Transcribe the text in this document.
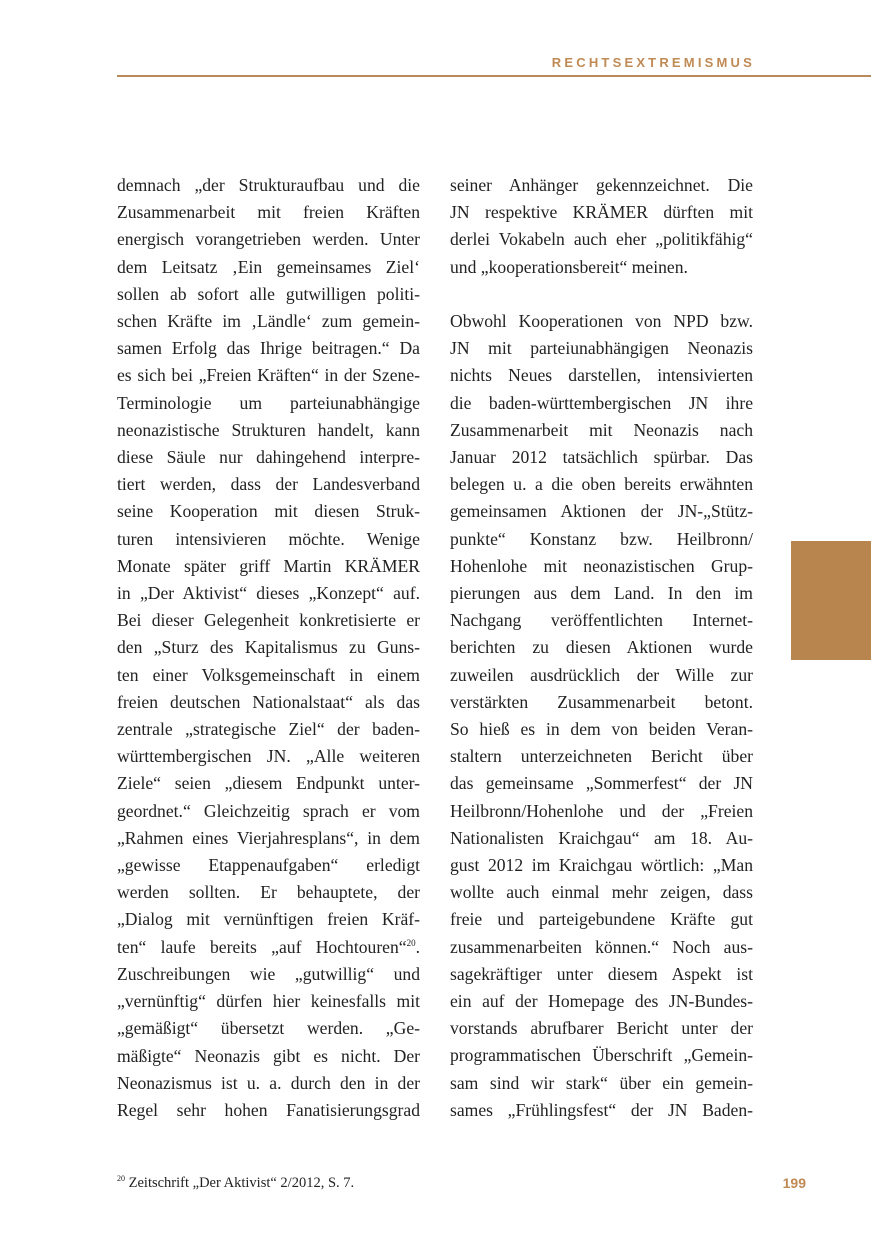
RECHTSEXTREMISMUS
demnach „der Strukturaufbau und die
Zusammenarbeit mit freien Kräften
energisch vorangetrieben werden. Unter
dem Leitsatz ‚Ein gemeinsames Ziel‘
sollen ab sofort alle gutwilligen politi-
schen Kräfte im ‚Ländle‘ zum gemein-
samen Erfolg das Ihrige beitragen.“ Da
es sich bei „Freien Kräften“ in der Szene-
Terminologie um parteiunabhängige
neonazistische Strukturen handelt, kann
diese Säule nur dahingehend interpre-
tiert werden, dass der Landesverband
seine Kooperation mit diesen Struk-
turen intensivieren möchte. Wenige
Monate später griff Martin KRÄMER
in „Der Aktivist“ dieses „Konzept“ auf.
Bei dieser Gelegenheit konkretisierte er
den „Sturz des Kapitalismus zu Guns-
ten einer Volksgemeinschaft in einem
freien deutschen Nationalstaat“ als das
zentrale „strategische Ziel“ der baden-
württembergischen JN. „Alle weiteren
Ziele“ seien „diesem Endpunkt unter-
geordnet.“ Gleichzeitig sprach er vom
„Rahmen eines Vierjahresplans“, in dem
„gewisse Etappenaufgaben“ erledigt
werden sollten. Er behauptete, der
„Dialog mit vernünftigen freien Kräf-
ten“ laufe bereits „auf Hochtouren“$^{20}$.
Zuschreibungen wie „gutwillig“ und
„vernünftig“ dürfen hier keinesfalls mit
„gemäßigt“ übersetzt werden. „Ge-
mäßigte“ Neonazis gibt es nicht. Der
Neonazismus ist u. a. durch den in der
Regel sehr hohen Fanatisierungsgrad
seiner Anhänger gekennzeichnet. Die
JN respektive KRÄMER dürften mit
derlei Vokabeln auch eher „politikfähig“
und „kooperationsbereit“ meinen.
Obwohl Kooperationen von NPD bzw.
JN mit parteiunabhängigen Neonazis
nichts Neues darstellen, intensivierten
die baden-württembergischen JN ihre
Zusammenarbeit mit Neonazis nach
Januar 2012 tatsächlich spürbar. Das
belegen u. a die oben bereits erwähnten
gemeinsamen Aktionen der JN-„Stütz-
punkte“ Konstanz bzw. Heilbronn/
Hohenlohe mit neonazistischen Grup-
pierungen aus dem Land. In den im
Nachgang veröffentlichten Internet-
berichten zu diesen Aktionen wurde
zuweilen ausdrücklich der Wille zur
verstärkten Zusammenarbeit betont.
So hieß es in dem von beiden Veran-
staltern unterzeichneten Bericht über
das gemeinsame „Sommerfest“ der JN
Heilbronn/Hohenlohe und der „Freien
Nationalisten Kraichgau“ am 18. Au-
gust 2012 im Kraichgau wörtlich: „Man
wollte auch einmal mehr zeigen, dass
freie und parteigebundene Kräfte gut
zusammenarbeiten können.“ Noch aus-
sagekräftiger unter diesem Aspekt ist
ein auf der Homepage des JN-Bundes-
vorstands abrufbarer Bericht unter der
programmatischen Überschrift „Gemein-
sam sind wir stark“ über ein gemein-
sames „Frühlingsfest“ der JN Baden-
$^{20}$ Zeitschrift „Der Aktivist“ 2/2012, S. 7.	199
